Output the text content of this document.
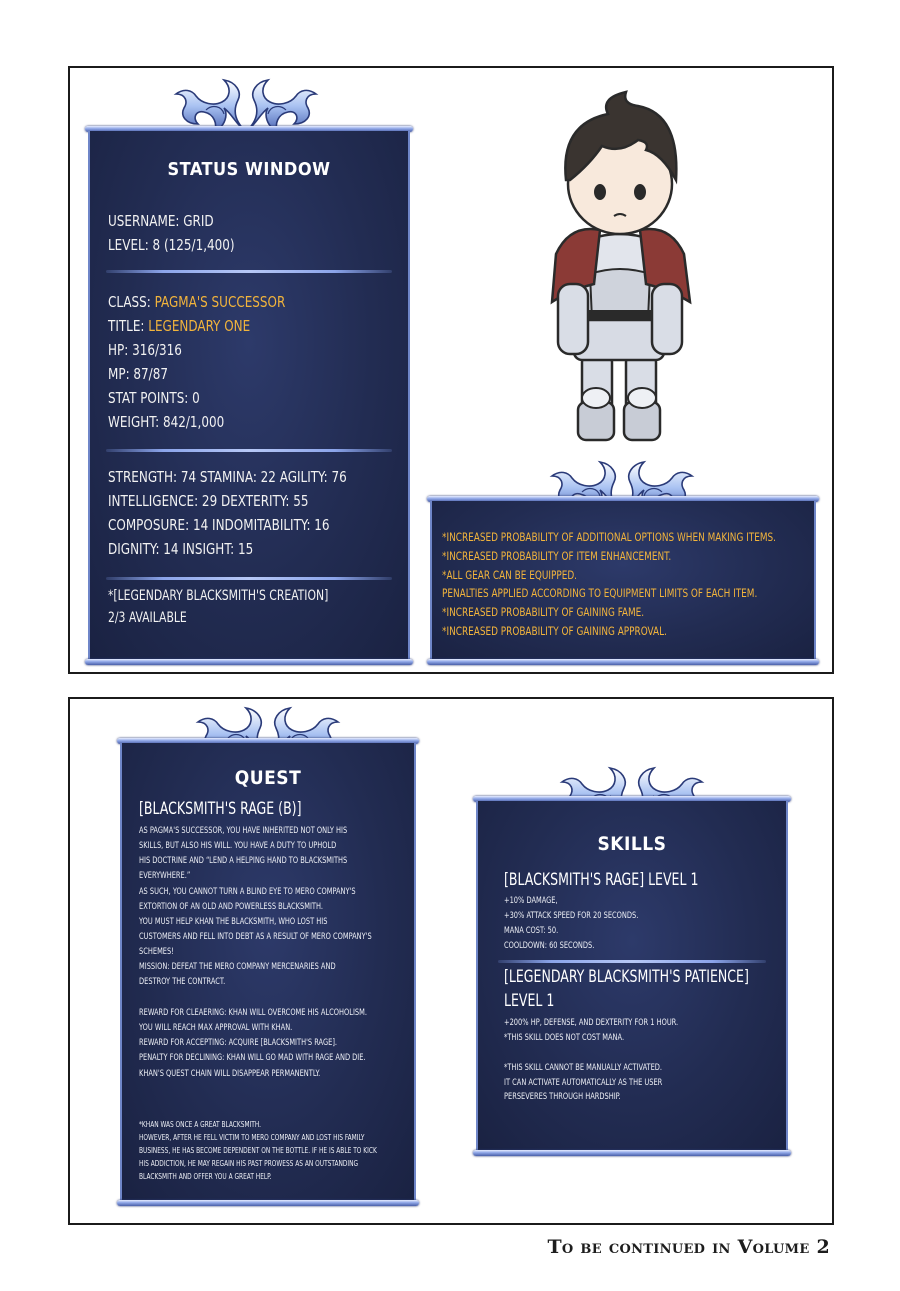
STATUS WINDOW
USERNAME: GRID
LEVEL: 8 (125/1,400)
CLASS: PAGMA'S SUCCESSOR
TITLE: LEGENDARY ONE
HP: 316/316
MP: 87/87
STAT POINTS: 0
WEIGHT: 842/1,000
STRENGTH: 74 STAMINA: 22 AGILITY: 76
INTELLIGENCE: 29 DEXTERITY: 55
COMPOSURE: 14 INDOMITABILITY: 16
DIGNITY: 14 INSIGHT: 15
*[LEGENDARY BLACKSMITH'S CREATION]
2/3 AVAILABLE
*INCREASED PROBABILITY OF ADDITIONAL OPTIONS WHEN MAKING ITEMS.
*INCREASED PROBABILITY OF ITEM ENHANCEMENT.
*ALL GEAR CAN BE EQUIPPED.
PENALTIES APPLIED ACCORDING TO EQUIPMENT LIMITS OF EACH ITEM.
*INCREASED PROBABILITY OF GAINING FAME.
*INCREASED PROBABILITY OF GAINING APPROVAL.
QUEST
[BLACKSMITH'S RAGE (B)]
AS PAGMA'S SUCCESSOR, YOU HAVE INHERITED NOT ONLY HIS
SKILLS, BUT ALSO HIS WILL. YOU HAVE A DUTY TO UPHOLD
HIS DOCTRINE AND “LEND A HELPING HAND TO BLACKSMITHS
EVERYWHERE.”
AS SUCH, YOU CANNOT TURN A BLIND EYE TO MERO COMPANY'S
EXTORTION OF AN OLD AND POWERLESS BLACKSMITH.
YOU MUST HELP KHAN THE BLACKSMITH, WHO LOST HIS
CUSTOMERS AND FELL INTO DEBT AS A RESULT OF MERO COMPANY'S
SCHEMES!
MISSION: DEFEAT THE MERO COMPANY MERCENARIES AND
DESTROY THE CONTRACT.
REWARD FOR CLEAERING: KHAN WILL OVERCOME HIS ALCOHOLISM.
YOU WILL REACH MAX APPROVAL WITH KHAN.
REWARD FOR ACCEPTING: ACQUIRE [BLACKSMITH'S RAGE].
PENALTY FOR DECLINING: KHAN WILL GO MAD WITH RAGE AND DIE.
KHAN'S QUEST CHAIN WILL DISAPPEAR PERMANENTLY.
*KHAN WAS ONCE A GREAT BLACKSMITH.
HOWEVER, AFTER HE FELL VICTIM TO MERO COMPANY AND LOST HIS FAMILY
BUSINESS, HE HAS BECOME DEPENDENT ON THE BOTTLE. IF HE IS ABLE TO KICK
HIS ADDICTION, HE MAY REGAIN HIS PAST PROWESS AS AN OUTSTANDING
BLACKSMITH AND OFFER YOU A GREAT HELP.
SKILLS
[BLACKSMITH'S RAGE] LEVEL 1
+10% DAMAGE,
+30% ATTACK SPEED FOR 20 SECONDS.
MANA COST: 50.
COOLDOWN: 60 SECONDS.
[LEGENDARY BLACKSMITH'S PATIENCE]
LEVEL 1
+200% HP, DEFENSE, AND DEXTERITY FOR 1 HOUR.
*THIS SKILL DOES NOT COST MANA.
*THIS SKILL CANNOT BE MANUALLY ACTIVATED.
IT CAN ACTIVATE AUTOMATICALLY AS THE USER
PERSEVERES THROUGH HARDSHIP.
To be continued in Volume 2
